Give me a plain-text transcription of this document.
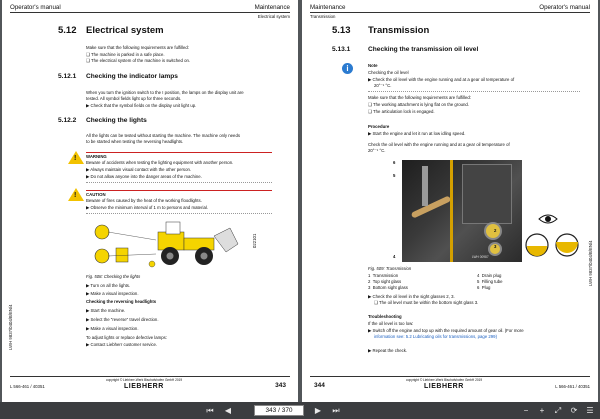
Operator's manual	Maintenance
Electrical system
5.12 Electrical system
Make sure that the following requirements are fulfilled:
❑ The machine is parked in a safe place.
❑ The electrical system of the machine is switched on.
5.12.1 Checking the indicator lamps
When you turn the ignition switch to the I position, the lamps on the display unit are
tested. All symbol fields light up for three seconds.
▶ Check that the symbol fields on the display unit light up.
5.12.2 Checking the lights
All the lights can be tested without starting the machine. The machine only needs
to be started when testing the reversing headlights.
! WARNING
Beware of accidents when testing the lighting equipment with another person.
▶ Always maintain visual contact with the other person.
▶ Do not allow anyone into the danger areas of the machine.
! CAUTION
Beware of fires caused by the heat of the working floodlights.
▶ Observe the minimum interval of 1 m to persons and material.
022101
Fig. 508: Checking the lights
▶ Turn on all the lights.
▶ Make a visual inspection.
Checking the reversing headlights
▶ Start the machine.
▶ Select the "reverse" travel direction.
▶ Make a visual inspection.
To adjust lights or replace defective lamps:
▶ Contact Liebherr customer service.
LWH 9837/0404/B/EN/4
L 566-461 / 40351
copyright © Liebherr-Werk Bischofshofen GmbH 2019
LIEBHERR	343
Maintenance	Operator's manual
Transmission
5.13 Transmission
5.13.1	Checking the transmission oil level
i	Note
Checking the oil level
▶ Check the oil level with the engine running and at a gear oil temperature of
20°⁻¹ °C.
Make sure that the following requirements are fulfilled:
❑ The working attachment is lying flat on the ground.
❑ The articulation lock is engaged.
Procedure
▶ Start the engine and let it run at low idling speed.
Check the oil level with the engine running and at a gear oil temperature of
20°⁻¹ °C.
6
5
4
2
3
LWH 00987
Fig. 509: Transmission
1 Transmission	4 Drain plug
2 Top sight glass	5 Filling tube
3 Bottom sight glass	6 Plug
▶ Check the oil level in the sight glasses 2, 3.
❑ The oil level must be within the bottom sight glass 3.
Troubleshooting
If the oil level is too low:
▶ Switch off the engine and top up with the required amount of gear oil. (For more
information see: 5.2 Lubricating oils for transmissions, page 299)
▶ Repeat the check.
LWH 9837/0404/B/EN/4
344
copyright © Liebherr-Werk Bischofshofen GmbH 2019
LIEBHERR	L 566-461 / 40351
⏮	◀	343 / 370	▶	⏭	−	+	⤢	⟳	☰
